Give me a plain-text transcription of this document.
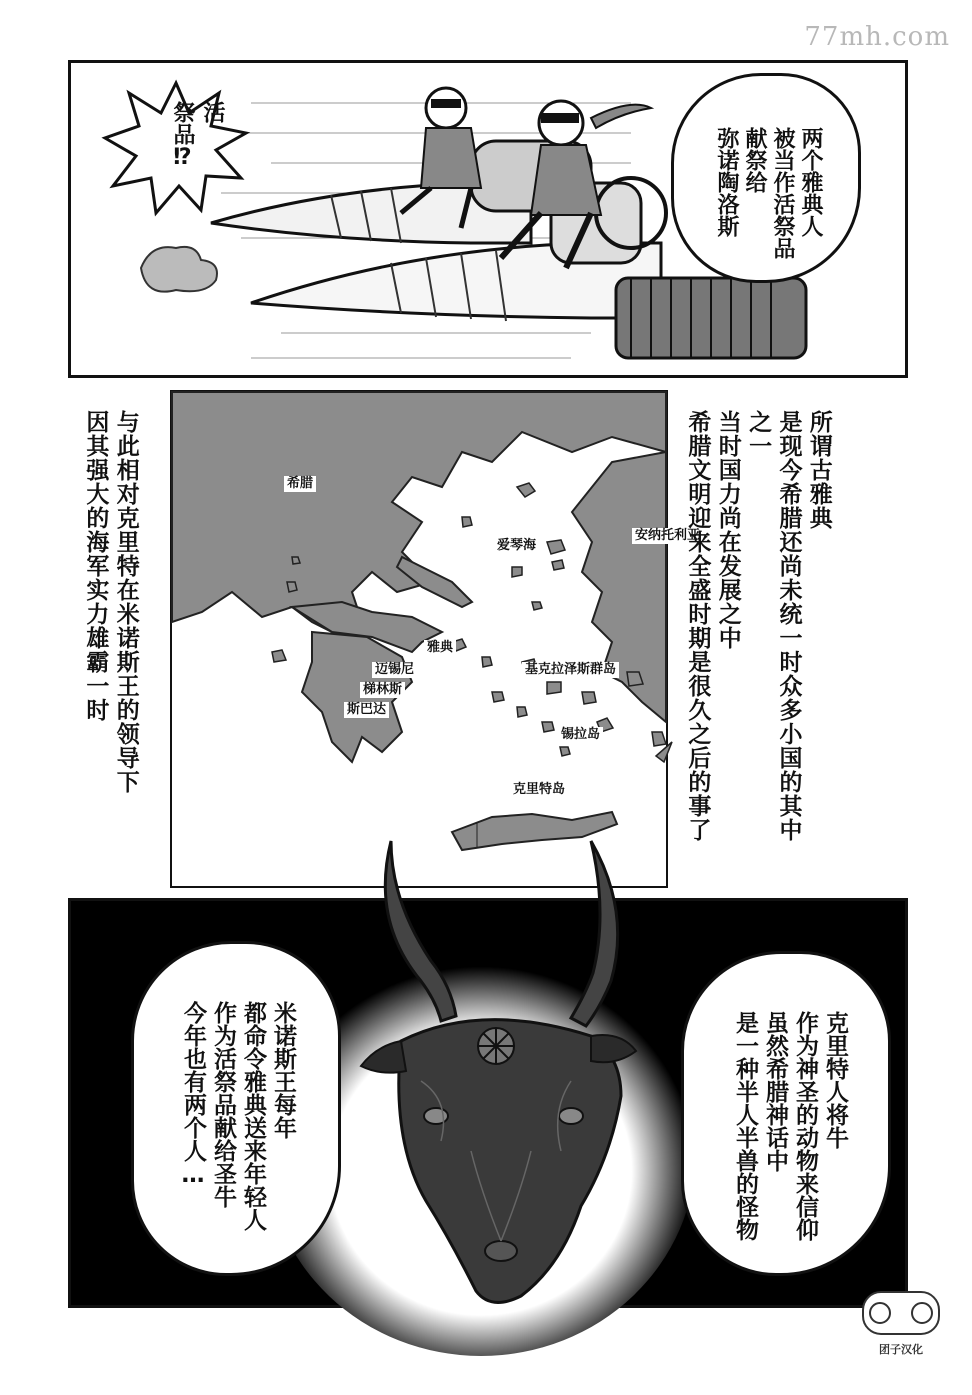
77mh.com
活
祭品⁉	两个雅典人
被当作活祭品
献祭给
弥诺陶洛斯
希腊
爱琴海
安纳托利亚
雅典
迈锡尼
梯林斯
斯巴达
基克拉泽斯群岛
锡拉岛
克里特岛
所谓古雅典
是现今希腊还尚未统一时众多小国的其中之一
当时国力尚在发展之中
希腊文明迎来全盛时期是很久之后的事了
与此相对克里特在米诺斯王的领导下
因其强大的海军实力雄霸一时
克里特人将牛
作为神圣的动物来信仰
虽然希腊神话中
是一种半人半兽的怪物
米诺斯王每年
都命令雅典送来年轻人
作为活祭品献给圣牛
今年也有两个人…
团子汉化
